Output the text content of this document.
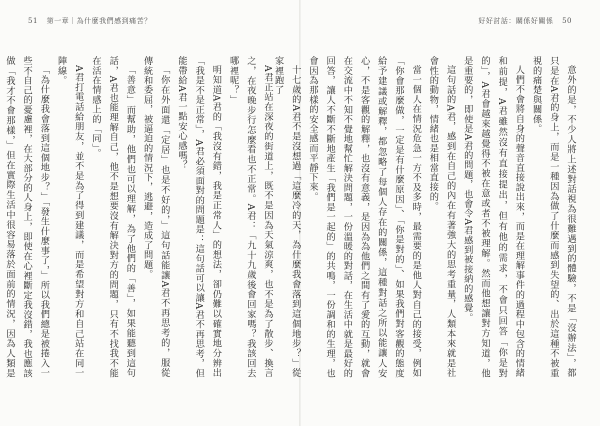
51 第一章｜為什麼我們感到痛苦？

A君正站在深夜的街道上，既不是因為天氣涼爽，也不是為了散步、換言之，在夜晚步行怎麼看也不正常。A君：「九十九歲後會回家嗎？我該回去哪裡呢？」

明知道A君的「我沒有錯，我是正常人」的想法，卻仍難以確實地分辨出「我是不是正常」，A君必須面對的問題是：這句話可以讓A君不再思考，但能帶給A君一點安心感嗎？

「你在外面還「定居」也是不好的，」這句話能讓A君不再思考的，服從傳統和委屈，被逼迫的情況下，逃避，造成了問題。

「善意」而幫助，他們也可以理解，為了他們的「善」，如果能聽到這句話，A君也能理解自己，他不是想要沒有解決對方的問題，只有不找我不能在活在情感上的「同」。

A君打電話給朋友，並不是為了得到建議，而是希望對方和自己站在同一陣線。

「為什麼我會落到這個地步？」「發生什麼事了，」所以我們總是被捲入一些不自己的憂慮裡，在大部分的人身上，即使在心裡斷定我沒錯，我也應該做「我才不會那樣，」但在實際生活中很容易落於面前的情況，因為人類是

好好討話：關係好關係 50

意外的是，不少人將上述對話視為很難遇到的體驗，不是「沒辦法」，都只是在A君的身上，而是一種因為做了什麼而感到失望的、出於這種不被重視的痛楚與關係。

人們不會將自身的聲音直接說出來，而是在理解事件的過程中包含的情緒和前提，A君雖然沒有直接提出，但有他的需求，不會只回答「你是對的」，A君會越來越覺得不被在意或者不被理解。然而他想讓對方知道，他是重要的，即使是A君的問題，也會令A君感到被接納的感覺。

這句話的A君，感到在自己的內在有著強大的思考重量，人類本來就是社會性的動物，情緒也是相當直接的。

當一個人在情況危急一方不及多時，最需要的是他人對自己的接受，例如「你會那麼做，一定是有什麼原因」、「你是對的」、如果我們對客觀的態度給予建議或解釋，都忽略了每個人存在的關係，這種對話之所以能讓人安心，不是客觀的解釋，也沒有意義，是因為為他們之間有了愛的互動，就會在交流中不知不覺地幫忙解決問題，一份溫暖的對話，在生活中就是最好的回答，讓人不斷不斷地產生「我們是一起的」的共鳴，一份調和的生理，也會因為那樣的安全感而平靜下來。

十七歲的A君不是沒想過「這麼冷的天，為什麼我會落到這個地步？」從家裡跑了
